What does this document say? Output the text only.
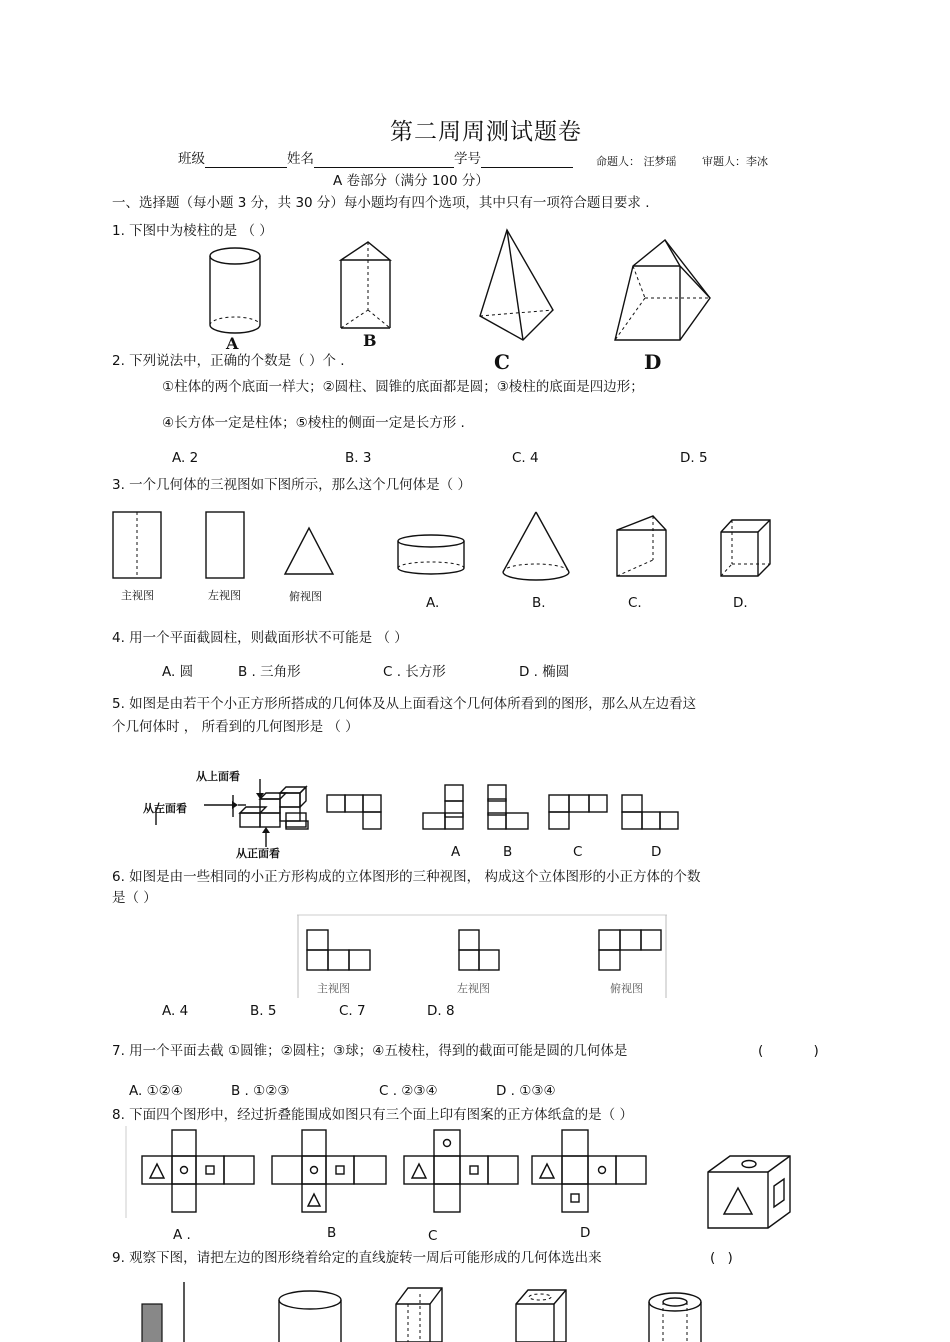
第二周周测试题卷
班级	姓名	学号	命题人： 汪梦瑶 审题人：李冰
A 卷部分（满分 100 分）
一、选择题（每小题 3 分，共 30 分）每小题均有四个选项，其中只有一项符合题目要求 .
1. 下图中为棱柱的是 （ ）
A	B
C	D
2. 下列说法中，正确的个数是（ ）个 .
①柱体的两个底面一样大；②圆柱、圆锥的底面都是圆；③棱柱的底面是四边形；
④长方体一定是柱体；⑤棱柱的侧面一定是长方形 .
A. 2	B. 3	C. 4	D. 5
3. 一个几何体的三视图如下图所示，那么这个几何体是（ ）
主视图	左视图	俯视图	A.	B.	C.	D.
4. 用一个平面截圆柱，则截面形状不可能是 （ ）
A. 圆	B . 三角形	C . 长方形	D . 椭圆
5. 如图是由若干个小正方形所搭成的几何体及从上面看这个几何体所看到的图形，那么从左边看这
个几何体时 ， 所看到的几何图形是 （ ）
从上面看
从左面看
从正面看	A	B	C	D
6. 如图是由一些相同的小正方形构成的立体图形的三种视图， 构成这个立体图形的小正方体的个数
是（ ）
主视图	左视图	俯视图
A. 4	B. 5	C. 7	D. 8
7. 用一个平面去截 ①圆锥；②圆柱；③球；④五棱柱，得到的截面可能是圆的几何体是	( )
A. ①②④	B . ①②③	C . ②③④	D . ①③④
8. 下面四个图形中，经过折叠能围成如图只有三个面上印有图案的正方体纸盒的是（ ）
A .	B	C	D
9. 观察下图，请把左边的图形绕着给定的直线旋转一周后可能形成的几何体选出来	( )
